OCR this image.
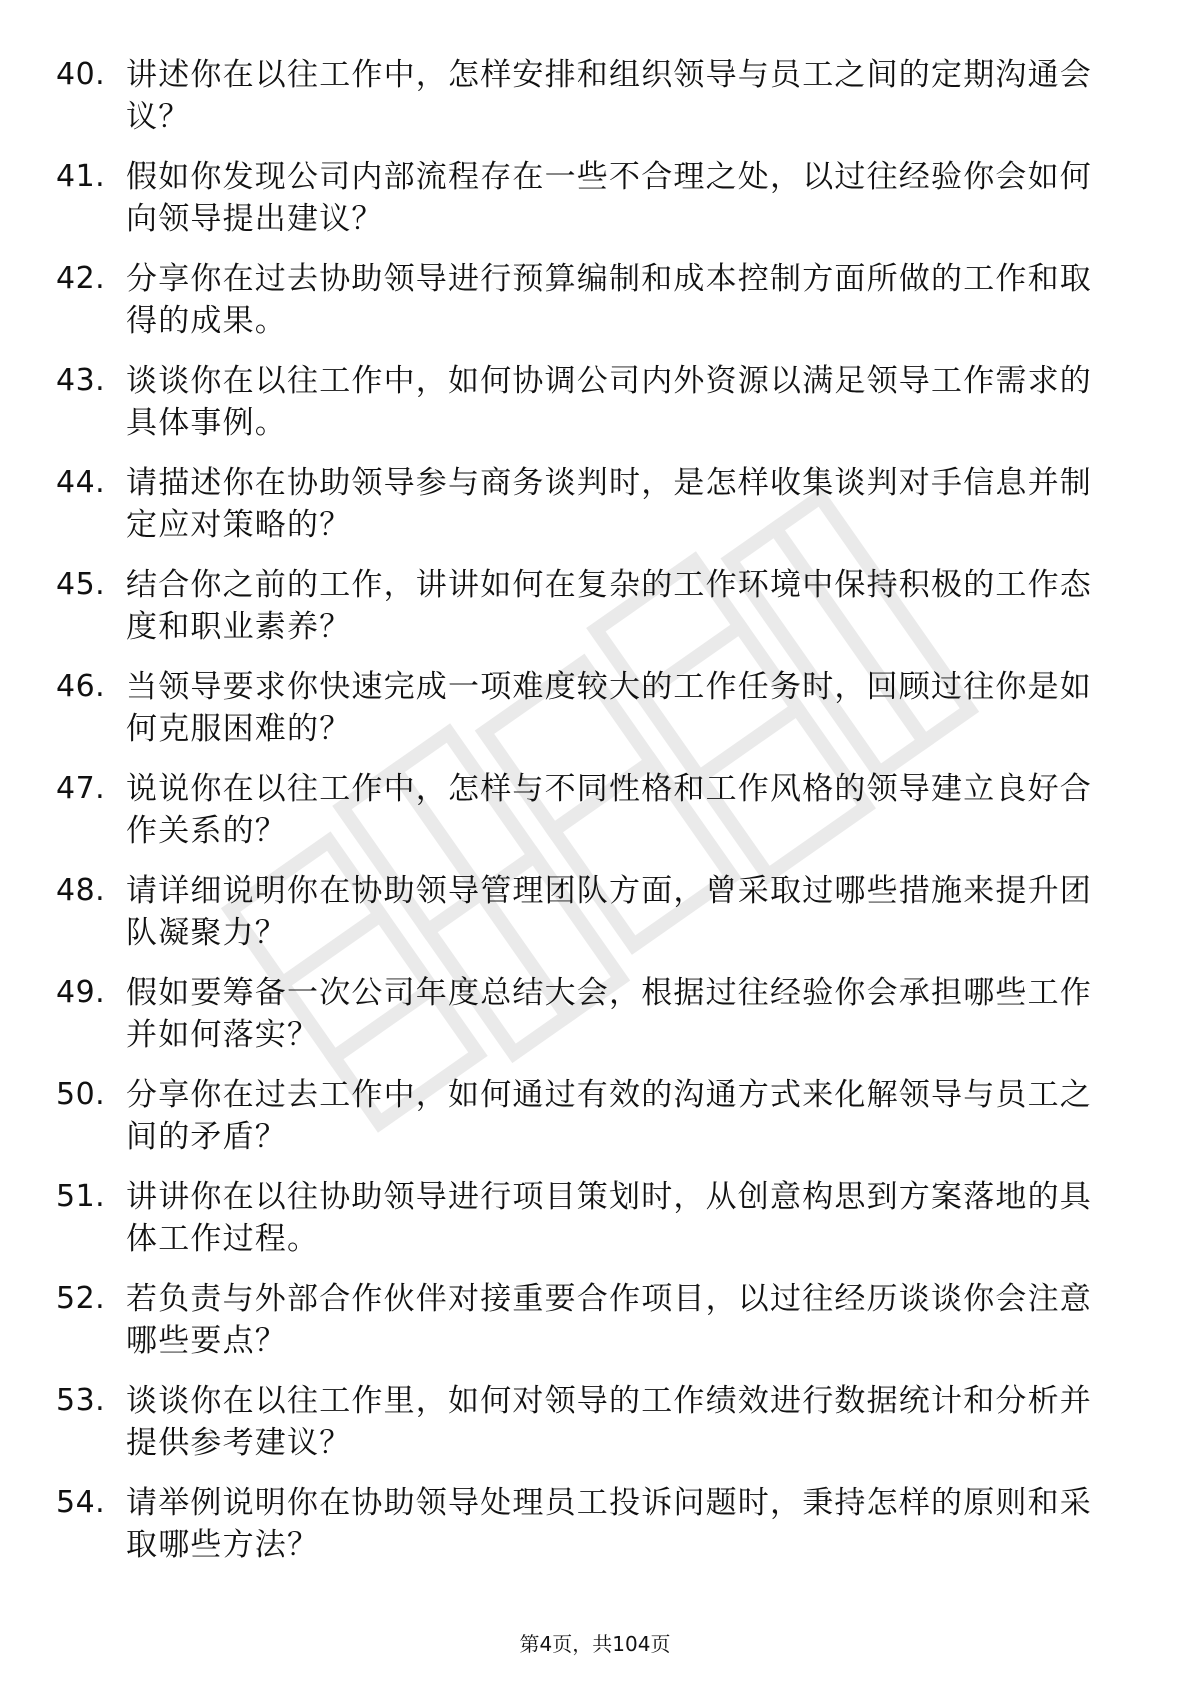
40. 讲述你在以往工作中，怎样安排和组织领导与员工之间的定期沟通会议？
41. 假如你发现公司内部流程存在一些不合理之处，以过往经验你会如何向领导提出建议？
42. 分享你在过去协助领导进行预算编制和成本控制方面所做的工作和取得的成果。
43. 谈谈你在以往工作中，如何协调公司内外资源以满足领导工作需求的具体事例。
44. 请描述你在协助领导参与商务谈判时，是怎样收集谈判对手信息并制定应对策略的？
45. 结合你之前的工作，讲讲如何在复杂的工作环境中保持积极的工作态度和职业素养？
46. 当领导要求你快速完成一项难度较大的工作任务时，回顾过往你是如何克服困难的？
47. 说说你在以往工作中，怎样与不同性格和工作风格的领导建立良好合作关系的？
48. 请详细说明你在协助领导管理团队方面，曾采取过哪些措施来提升团队凝聚力？
49. 假如要筹备一次公司年度总结大会，根据过往经验你会承担哪些工作并如何落实？
50. 分享你在过去工作中，如何通过有效的沟通方式来化解领导与员工之间的矛盾？
51. 讲讲你在以往协助领导进行项目策划时，从创意构思到方案落地的具体工作过程。
52. 若负责与外部合作伙伴对接重要合作项目，以过往经历谈谈你会注意哪些要点？
53. 谈谈你在以往工作里，如何对领导的工作绩效进行数据统计和分析并提供参考建议？
54. 请举例说明你在协助领导处理员工投诉问题时，秉持怎样的原则和采取哪些方法？
第4页，共104页
